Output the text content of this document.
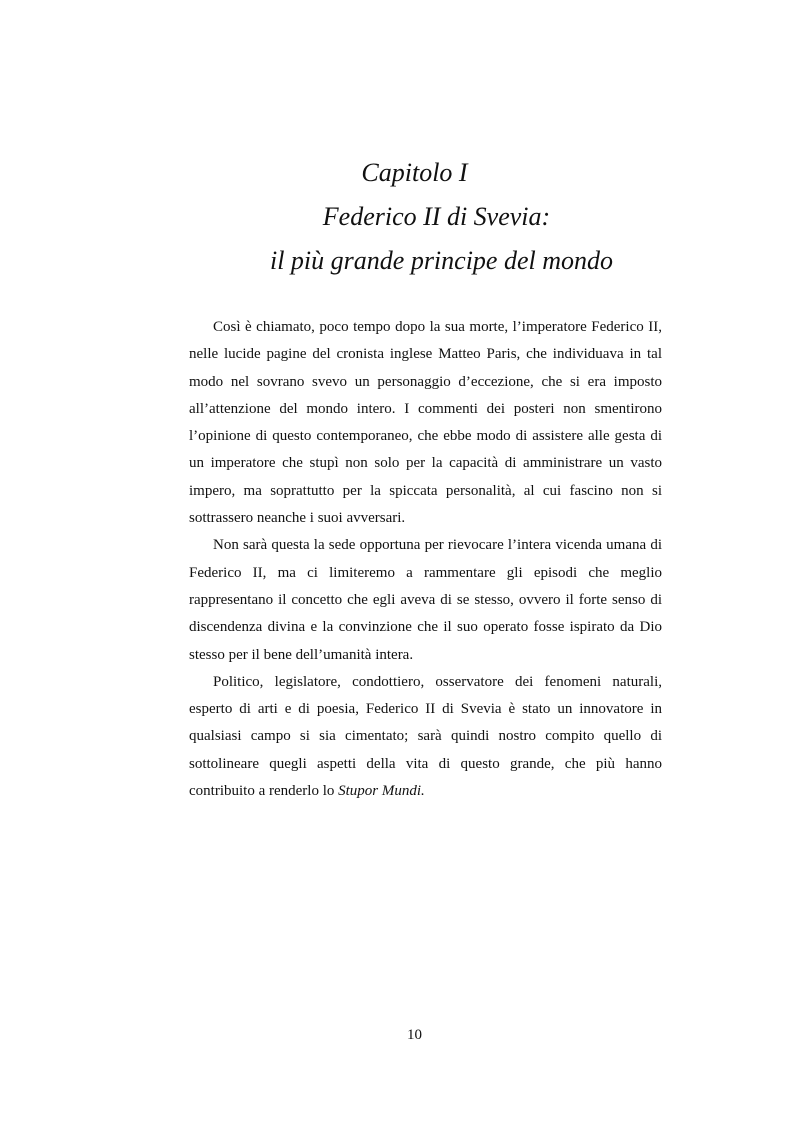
Capitolo I
Federico II di Svevia:
il più grande principe del mondo

Così è chiamato, poco tempo dopo la sua morte, l’imperatore Federico II, nelle lucide pagine del cronista inglese Matteo Paris, che individuava in tal modo nel sovrano svevo un personaggio d’eccezione, che si era imposto all’attenzione del mondo intero. I commenti dei posteri non smentirono l’opinione di questo contemporaneo, che ebbe modo di assistere alle gesta di un imperatore che stupì non solo per la capacità di amministrare un vasto impero, ma soprattutto per la spiccata personalità, al cui fascino non si sottrassero neanche i suoi avversari.

Non sarà questa la sede opportuna per rievocare l’intera vicenda umana di Federico II, ma ci limiteremo a rammentare gli episodi che meglio rappresentano il concetto che egli aveva di se stesso, ovvero il forte senso di discendenza divina e la convinzione che il suo operato fosse ispirato da Dio stesso per il bene dell’umanità intera.

Politico, legislatore, condottiero, osservatore dei fenomeni naturali, esperto di arti e di poesia, Federico II di Svevia è stato un innovatore in qualsiasi campo si sia cimentato; sarà quindi nostro compito quello di sottolineare quegli aspetti della vita di questo grande, che più hanno contribuito a renderlo lo Stupor Mundi.

10
